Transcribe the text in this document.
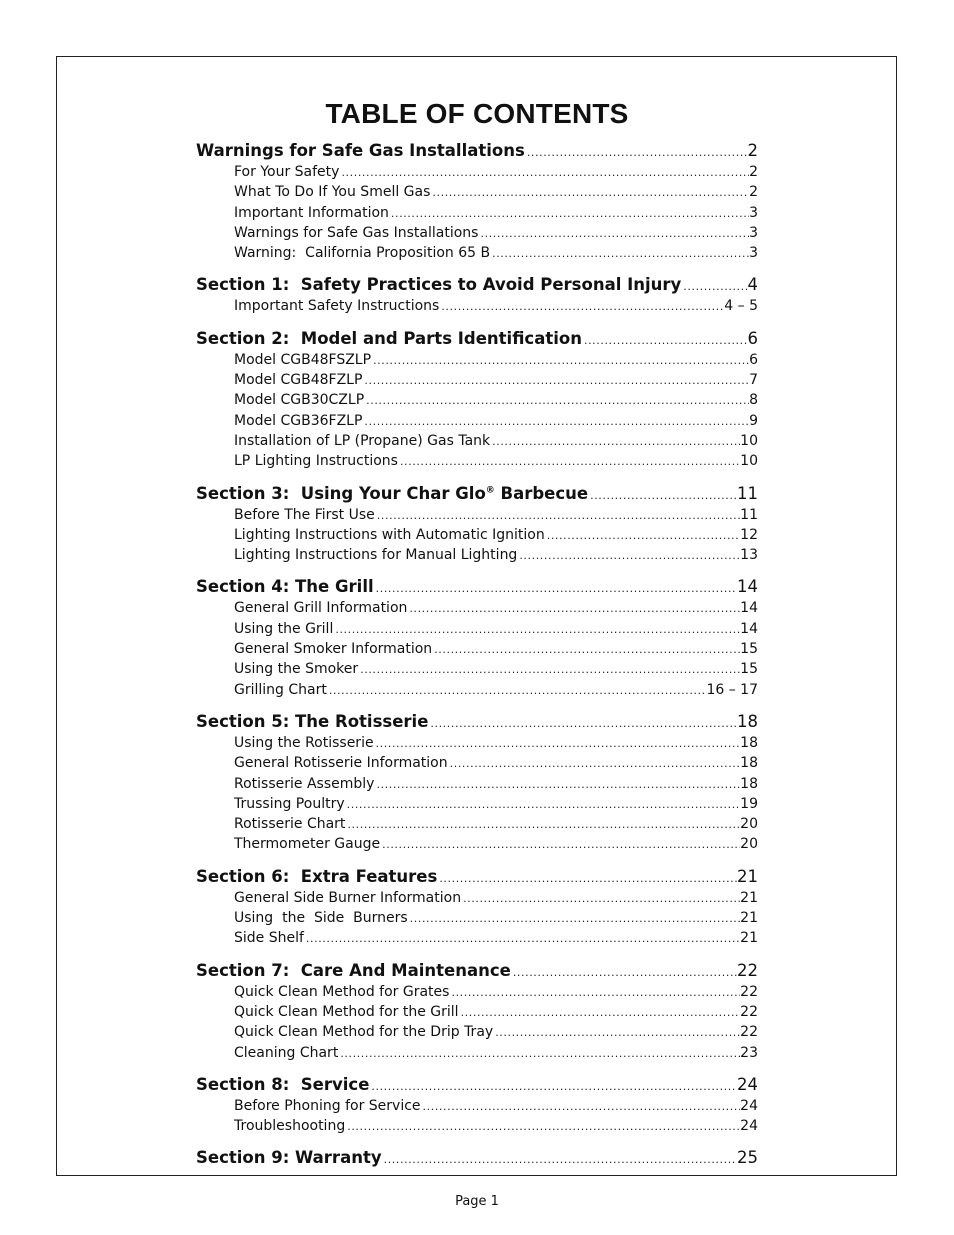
TABLE OF CONTENTS
Warnings for Safe Gas Installations .....	2
For Your Safety .....	2
What To Do If You Smell Gas .....	2
Important Information .....	3
Warnings for Safe Gas Installations .....	3
Warning:  California Proposition 65 B .....	3
Section 1:  Safety Practices to Avoid Personal Injury .....	4
Important Safety Instructions .....	4 – 5
Section 2:  Model and Parts Identification .....	6
Model CGB48FSZLP .....	6
Model CGB48FZLP .....	7
Model CGB30CZLP .....	8
Model CGB36FZLP .....	9
Installation of LP (Propane) Gas Tank .....	10
LP Lighting Instructions .....	10
Section 3:  Using Your Char Glo® Barbecue .....	11
Before The First Use .....	11
Lighting Instructions with Automatic Ignition .....	12
Lighting Instructions for Manual Lighting .....	13
Section 4: The Grill .....	14
General Grill Information .....	14
Using the Grill .....	14
General Smoker Information .....	15
Using the Smoker .....	15
Grilling Chart .....	16 – 17
Section 5: The Rotisserie .....	18
Using the Rotisserie .....	18
General Rotisserie Information .....	18
Rotisserie Assembly .....	18
Trussing Poultry .....	19
Rotisserie Chart .....	20
Thermometer Gauge .....	20
Section 6:  Extra Features .....	21
General Side Burner Information .....	21
Using  the  Side  Burners .....	21
Side Shelf .....	21
Section 7:  Care And Maintenance .....	22
Quick Clean Method for Grates .....	22
Quick Clean Method for the Grill .....	22
Quick Clean Method for the Drip Tray .....	22
Cleaning Chart .....	23
Section 8:  Service .....	24
Before Phoning for Service .....	24
Troubleshooting .....	24
Section 9: Warranty .....	25
Page 1
